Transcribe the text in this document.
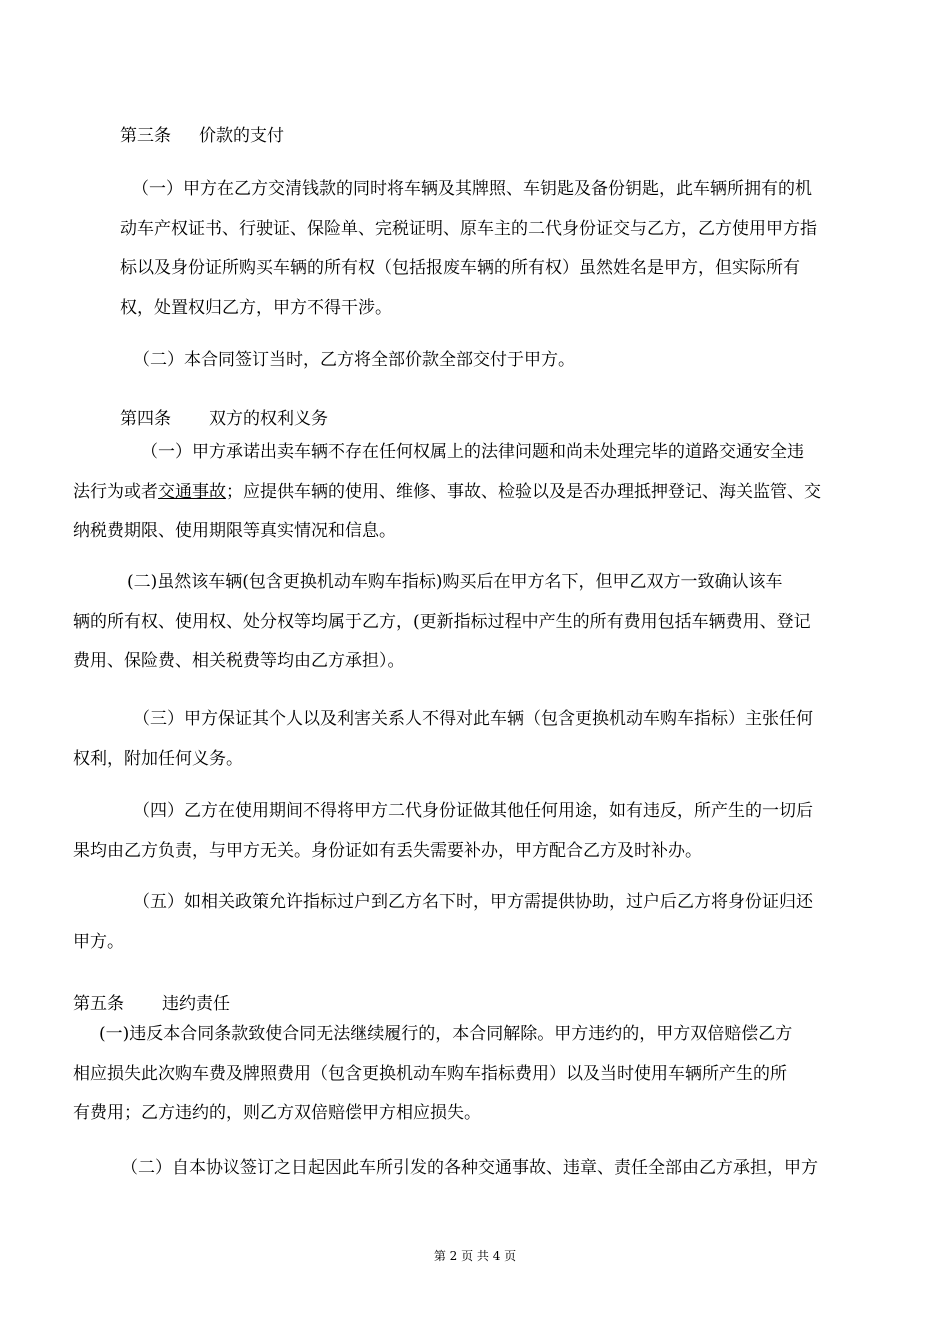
第三条 价款的支付
（一）甲方在乙方交清钱款的同时将车辆及其牌照、车钥匙及备份钥匙，此车辆所拥有的机
动车产权证书、行驶证、保险单、完税证明、原车主的二代身份证交与乙方，乙方使用甲方指
标以及身份证所购买车辆的所有权（包括报废车辆的所有权）虽然姓名是甲方，但实际所有
权，处置权归乙方，甲方不得干涉。
（二）本合同签订当时，乙方将全部价款全部交付于甲方。
第四条 双方的权利义务
（一）甲方承诺出卖车辆不存在任何权属上的法律问题和尚未处理完毕的道路交通安全违
法行为或者交通事故；应提供车辆的使用、维修、事故、检验以及是否办理抵押登记、海关监管、交
纳税费期限、使用期限等真实情况和信息。
(二)虽然该车辆(包含更换机动车购车指标)购买后在甲方名下，但甲乙双方一致确认该车
辆的所有权、使用权、处分权等均属于乙方，(更新指标过程中产生的所有费用包括车辆费用、登记
费用、保险费、相关税费等均由乙方承担）。
（三）甲方保证其个人以及利害关系人不得对此车辆（包含更换机动车购车指标）主张任何
权利，附加任何义务。
（四）乙方在使用期间不得将甲方二代身份证做其他任何用途，如有违反，所产生的一切后
果均由乙方负责，与甲方无关。身份证如有丢失需要补办，甲方配合乙方及时补办。
（五）如相关政策允许指标过户到乙方名下时，甲方需提供协助，过户后乙方将身份证归还
甲方。
第五条 违约责任
(一)违反本合同条款致使合同无法继续履行的，本合同解除。甲方违约的，甲方双倍赔偿乙方
相应损失此次购车费及牌照费用（包含更换机动车购车指标费用）以及当时使用车辆所产生的所
有费用；乙方违约的，则乙方双倍赔偿甲方相应损失。
（二）自本协议签订之日起因此车所引发的各种交通事故、违章、责任全部由乙方承担，甲方
第 2 页 共 4 页
